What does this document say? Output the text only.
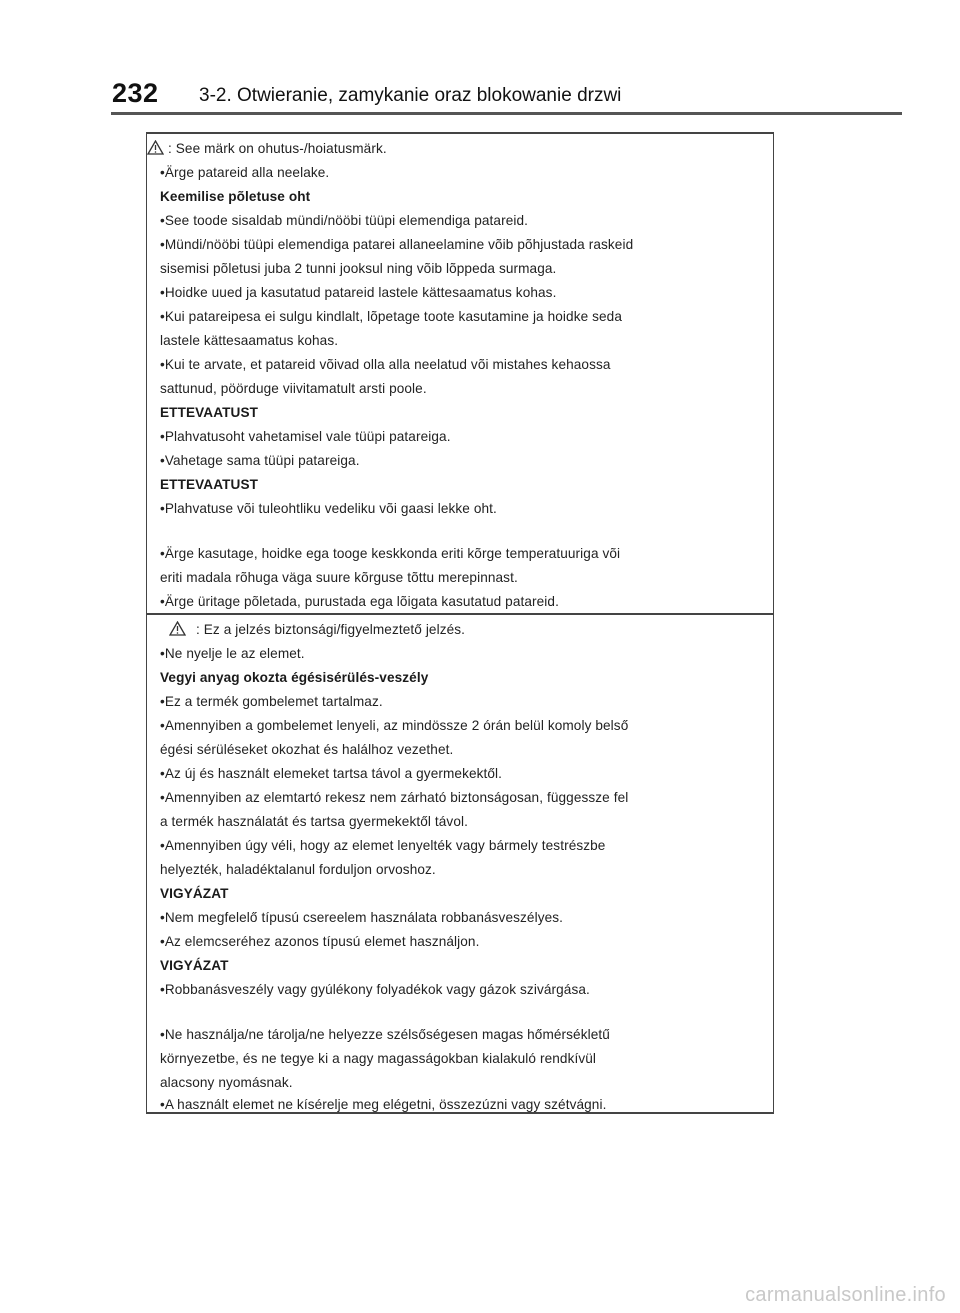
232 3-2. Otwieranie, zamykanie oraz blokowanie drzwi
: See märk on ohutus-/hoiatusmärk.
•Ärge patareid alla neelake.
Keemilise põletuse oht
•See toode sisaldab mündi/nööbi tüüpi elemendiga patareid.
•Mündi/nööbi tüüpi elemendiga patarei allaneelamine võib põhjustada raskeid
sisemisi põletusi juba 2 tunni jooksul ning võib lõppeda surmaga.
•Hoidke uued ja kasutatud patareid lastele kättesaamatus kohas.
•Kui patareipesa ei sulgu kindlalt, lõpetage toote kasutamine ja hoidke seda
lastele kättesaamatus kohas.
•Kui te arvate, et patareid võivad olla alla neelatud või mistahes kehaossa
sattunud, pöörduge viivitamatult arsti poole.
ETTEVAATUST
•Plahvatusoht vahetamisel vale tüüpi patareiga.
•Vahetage sama tüüpi patareiga.
ETTEVAATUST
•Plahvatuse või tuleohtliku vedeliku või gaasi lekke oht.
•Ärge kasutage, hoidke ega tooge keskkonda eriti kõrge temperatuuriga või
eriti madala rõhuga väga suure kõrguse tõttu merepinnast.
•Ärge üritage põletada, purustada ega lõigata kasutatud patareid.
: Ez a jelzés biztonsági/figyelmeztető jelzés.
•Ne nyelje le az elemet.
Vegyi anyag okozta égésisérülés-veszély
•Ez a termék gombelemet tartalmaz.
•Amennyiben a gombelemet lenyeli, az mindössze 2 órán belül komoly belső
égési sérüléseket okozhat és halálhoz vezethet.
•Az új és használt elemeket tartsa távol a gyermekektől.
•Amennyiben az elemtartó rekesz nem zárható biztonságosan, függessze fel
a termék használatát és tartsa gyermekektől távol.
•Amennyiben úgy véli, hogy az elemet lenyelték vagy bármely testrészbe
helyezték, haladéktalanul forduljon orvoshoz.
VIGYÁZAT
•Nem megfelelő típusú csereelem használata robbanásveszélyes.
•Az elemcseréhez azonos típusú elemet használjon.
VIGYÁZAT
•Robbanásveszély vagy gyúlékony folyadékok vagy gázok szivárgása.
•Ne használja/ne tárolja/ne helyezze szélsőségesen magas hőmérsékletű
környezetbe, és ne tegye ki a nagy magasságokban kialakuló rendkívül
alacsony nyomásnak.
•A használt elemet ne kísérelje meg elégetni, összezúzni vagy szétvágni.
carmanualsonline.info
